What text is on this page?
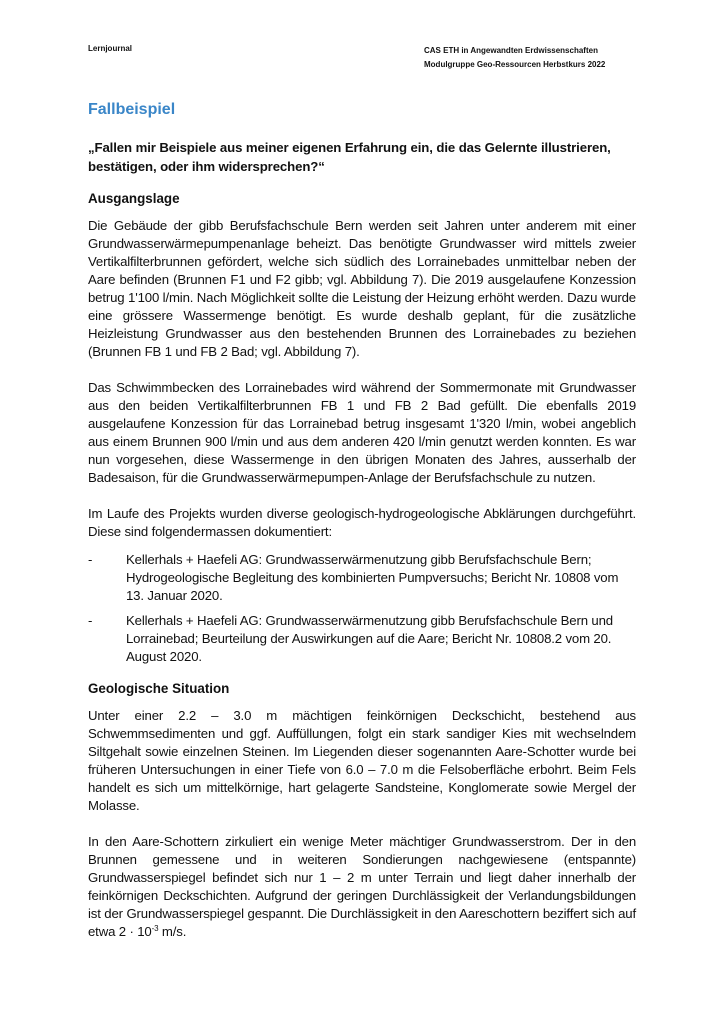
Lernjournal	CAS ETH in Angewandten Erdwissenschaften
Modulgruppe Geo-Ressourcen Herbstkurs 2022
Fallbeispiel
„Fallen mir Beispiele aus meiner eigenen Erfahrung ein, die das Gelernte illustrieren, bestätigen, oder ihm widersprechen?“
Ausgangslage

Die Gebäude der gibb Berufsfachschule Bern werden seit Jahren unter anderem mit einer Grundwasserwärmepumpenanlage beheizt. Das benötigte Grundwasser wird mittels zweier Vertikalfilterbrunnen gefördert, welche sich südlich des Lorrainebades unmittelbar neben der Aare befinden (Brunnen F1 und F2 gibb; vgl. Abbildung 7). Die 2019 ausgelaufene Konzession betrug 1'100 l/min. Nach Möglichkeit sollte die Leistung der Heizung erhöht werden. Dazu wurde eine grössere Wassermenge benötigt. Es wurde deshalb geplant, für die zusätzliche Heizleistung Grundwasser aus den bestehenden Brunnen des Lorrainebades zu beziehen (Brunnen FB 1 und FB 2 Bad; vgl. Abbildung 7).

Das Schwimmbecken des Lorrainebades wird während der Sommermonate mit Grundwasser aus den beiden Vertikalfilterbrunnen FB 1 und FB 2 Bad gefüllt. Die ebenfalls 2019 ausgelaufene Konzession für das Lorrainebad betrug insgesamt 1'320 l/min, wobei angeblich aus einem Brunnen 900 l/min und aus dem anderen 420 l/min genutzt werden konnten. Es war nun vorgesehen, diese Wassermenge in den übrigen Monaten des Jahres, ausserhalb der Badesaison, für die Grundwasserwärmepumpen-Anlage der Berufsfachschule zu nutzen.

Im Laufe des Projekts wurden diverse geologisch-hydrogeologische Abklärungen durchgeführt. Diese sind folgendermassen dokumentiert:

-	Kellerhals + Haefeli AG: Grundwasserwärmenutzung gibb Berufsfachschule Bern; Hydrogeologische Begleitung des kombinierten Pumpversuchs; Bericht Nr. 10808 vom 13. Januar 2020.
-	Kellerhals + Haefeli AG: Grundwasserwärmenutzung gibb Berufsfachschule Bern und Lorrainebad; Beurteilung der Auswirkungen auf die Aare; Bericht Nr. 10808.2 vom 20. August 2020.
Geologische Situation

Unter einer 2.2 – 3.0 m mächtigen feinkörnigen Deckschicht, bestehend aus Schwemmsedimenten und ggf. Auffüllungen, folgt ein stark sandiger Kies mit wechselndem Siltgehalt sowie einzelnen Steinen. Im Liegenden dieser sogenannten Aare-Schotter wurde bei früheren Untersuchungen in einer Tiefe von 6.0 – 7.0 m die Felsoberfläche erbohrt. Beim Fels handelt es sich um mittelkörnige, hart gelagerte Sandsteine, Konglomerate sowie Mergel der Molasse.

In den Aare-Schottern zirkuliert ein wenige Meter mächtiger Grundwasserstrom. Der in den Brunnen gemessene und in weiteren Sondierungen nachgewiesene (entspannte) Grundwasserspiegel befindet sich nur 1 – 2 m unter Terrain und liegt daher innerhalb der feinkörnigen Deckschichten. Aufgrund der geringen Durchlässigkeit der Verlandungsbildungen ist der Grundwasserspiegel gespannt. Die Durchlässigkeit in den Aareschottern beziffert sich auf etwa $2 \cdot 10^{-3}$ m/s.
